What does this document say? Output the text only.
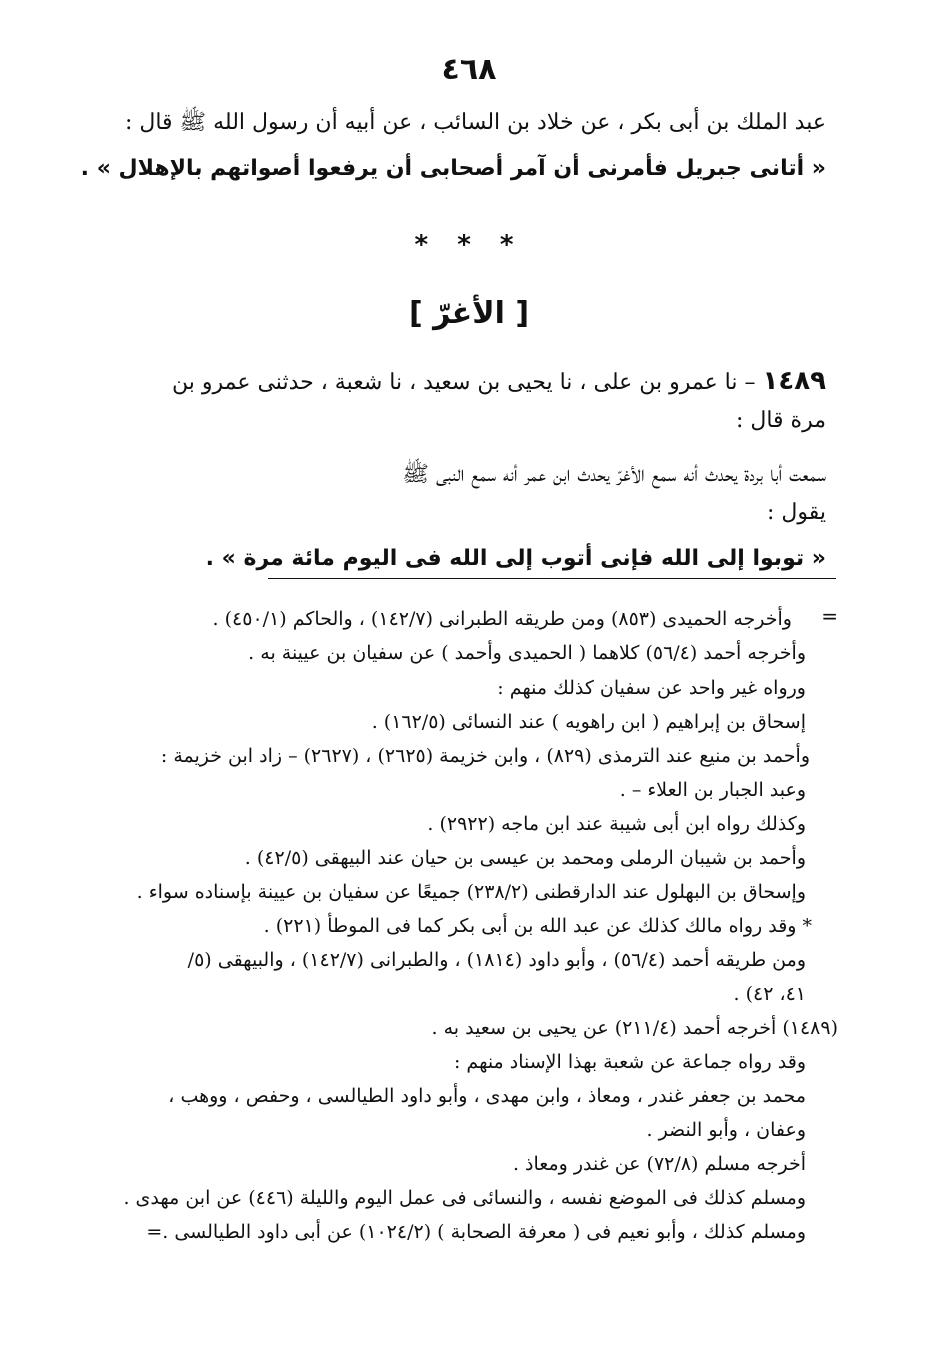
٤٦٨
عبد الملك بن أبى بكر ، عن خلاد بن السائب ، عن أبيه أن رسول الله ﷺ قال :
« أتانى جبريل فأمرنى أن آمر أصحابى أن يرفعوا أصواتهم بالإهلال » .
* * *
[ الأغرّ ]
١٤٨٩ – نا عمرو بن على ، نا يحيى بن سعيد ، نا شعبة ، حدثنى عمرو بن
مرة قال :
سمعت أبا بردة يحدث أنه سمع الأغرّ يحدث ابن عمر أنه سمع النبى ﷺ
يقول :
« توبوا إلى الله فإنى أتوب إلى الله فى اليوم مائة مرة » .
=
وأخرجه الحميدى (٨٥٣) ومن طريقه الطبرانى (١٤٢/٧) ، والحاكم (٤٥٠/١) .
وأخرجه أحمد (٥٦/٤) كلاهما ( الحميدى وأحمد ) عن سفيان بن عيينة به .
ورواه غير واحد عن سفيان كذلك منهم :
إسحاق بن إبراهيم ( ابن راهويه ) عند النسائى (١٦٢/٥) .
وأحمد بن منيع عند الترمذى (٨٢٩) ، وابن خزيمة (٢٦٢٥) ، (٢٦٢٧) – زاد ابن خزيمة :
وعبد الجبار بن العلاء – .
وكذلك رواه ابن أبى شيبة عند ابن ماجه (٢٩٢٢) .
وأحمد بن شيبان الرملى ومحمد بن عيسى بن حيان عند البيهقى (٤٢/٥) .
وإسحاق بن البهلول عند الدارقطنى (٢٣٨/٢) جميعًا عن سفيان بن عيينة بإسناده سواء .
* وقد رواه مالك كذلك عن عبد الله بن أبى بكر كما فى الموطأ (٢٢١) .
ومن طريقه أحمد (٥٦/٤) ، وأبو داود (١٨١٤) ، والطبرانى (١٤٢/٧) ، والبيهقى (٥/
٤١، ٤٢) .
(١٤٨٩) أخرجه أحمد (٢١١/٤) عن يحيى بن سعيد به .
وقد رواه جماعة عن شعبة بهذا الإسناد منهم :
محمد بن جعفر غندر ، ومعاذ ، وابن مهدى ، وأبو داود الطيالسى ، وحفص ، ووهب ،
وعفان ، وأبو النضر .
أخرجه مسلم (٧٢/٨) عن غندر ومعاذ .
ومسلم كذلك فى الموضع نفسه ، والنسائى فى عمل اليوم والليلة (٤٤٦) عن ابن مهدى .
ومسلم كذلك ، وأبو نعيم فى ( معرفة الصحابة ) (١٠٢٤/٢) عن أبى داود الطيالسى .=
